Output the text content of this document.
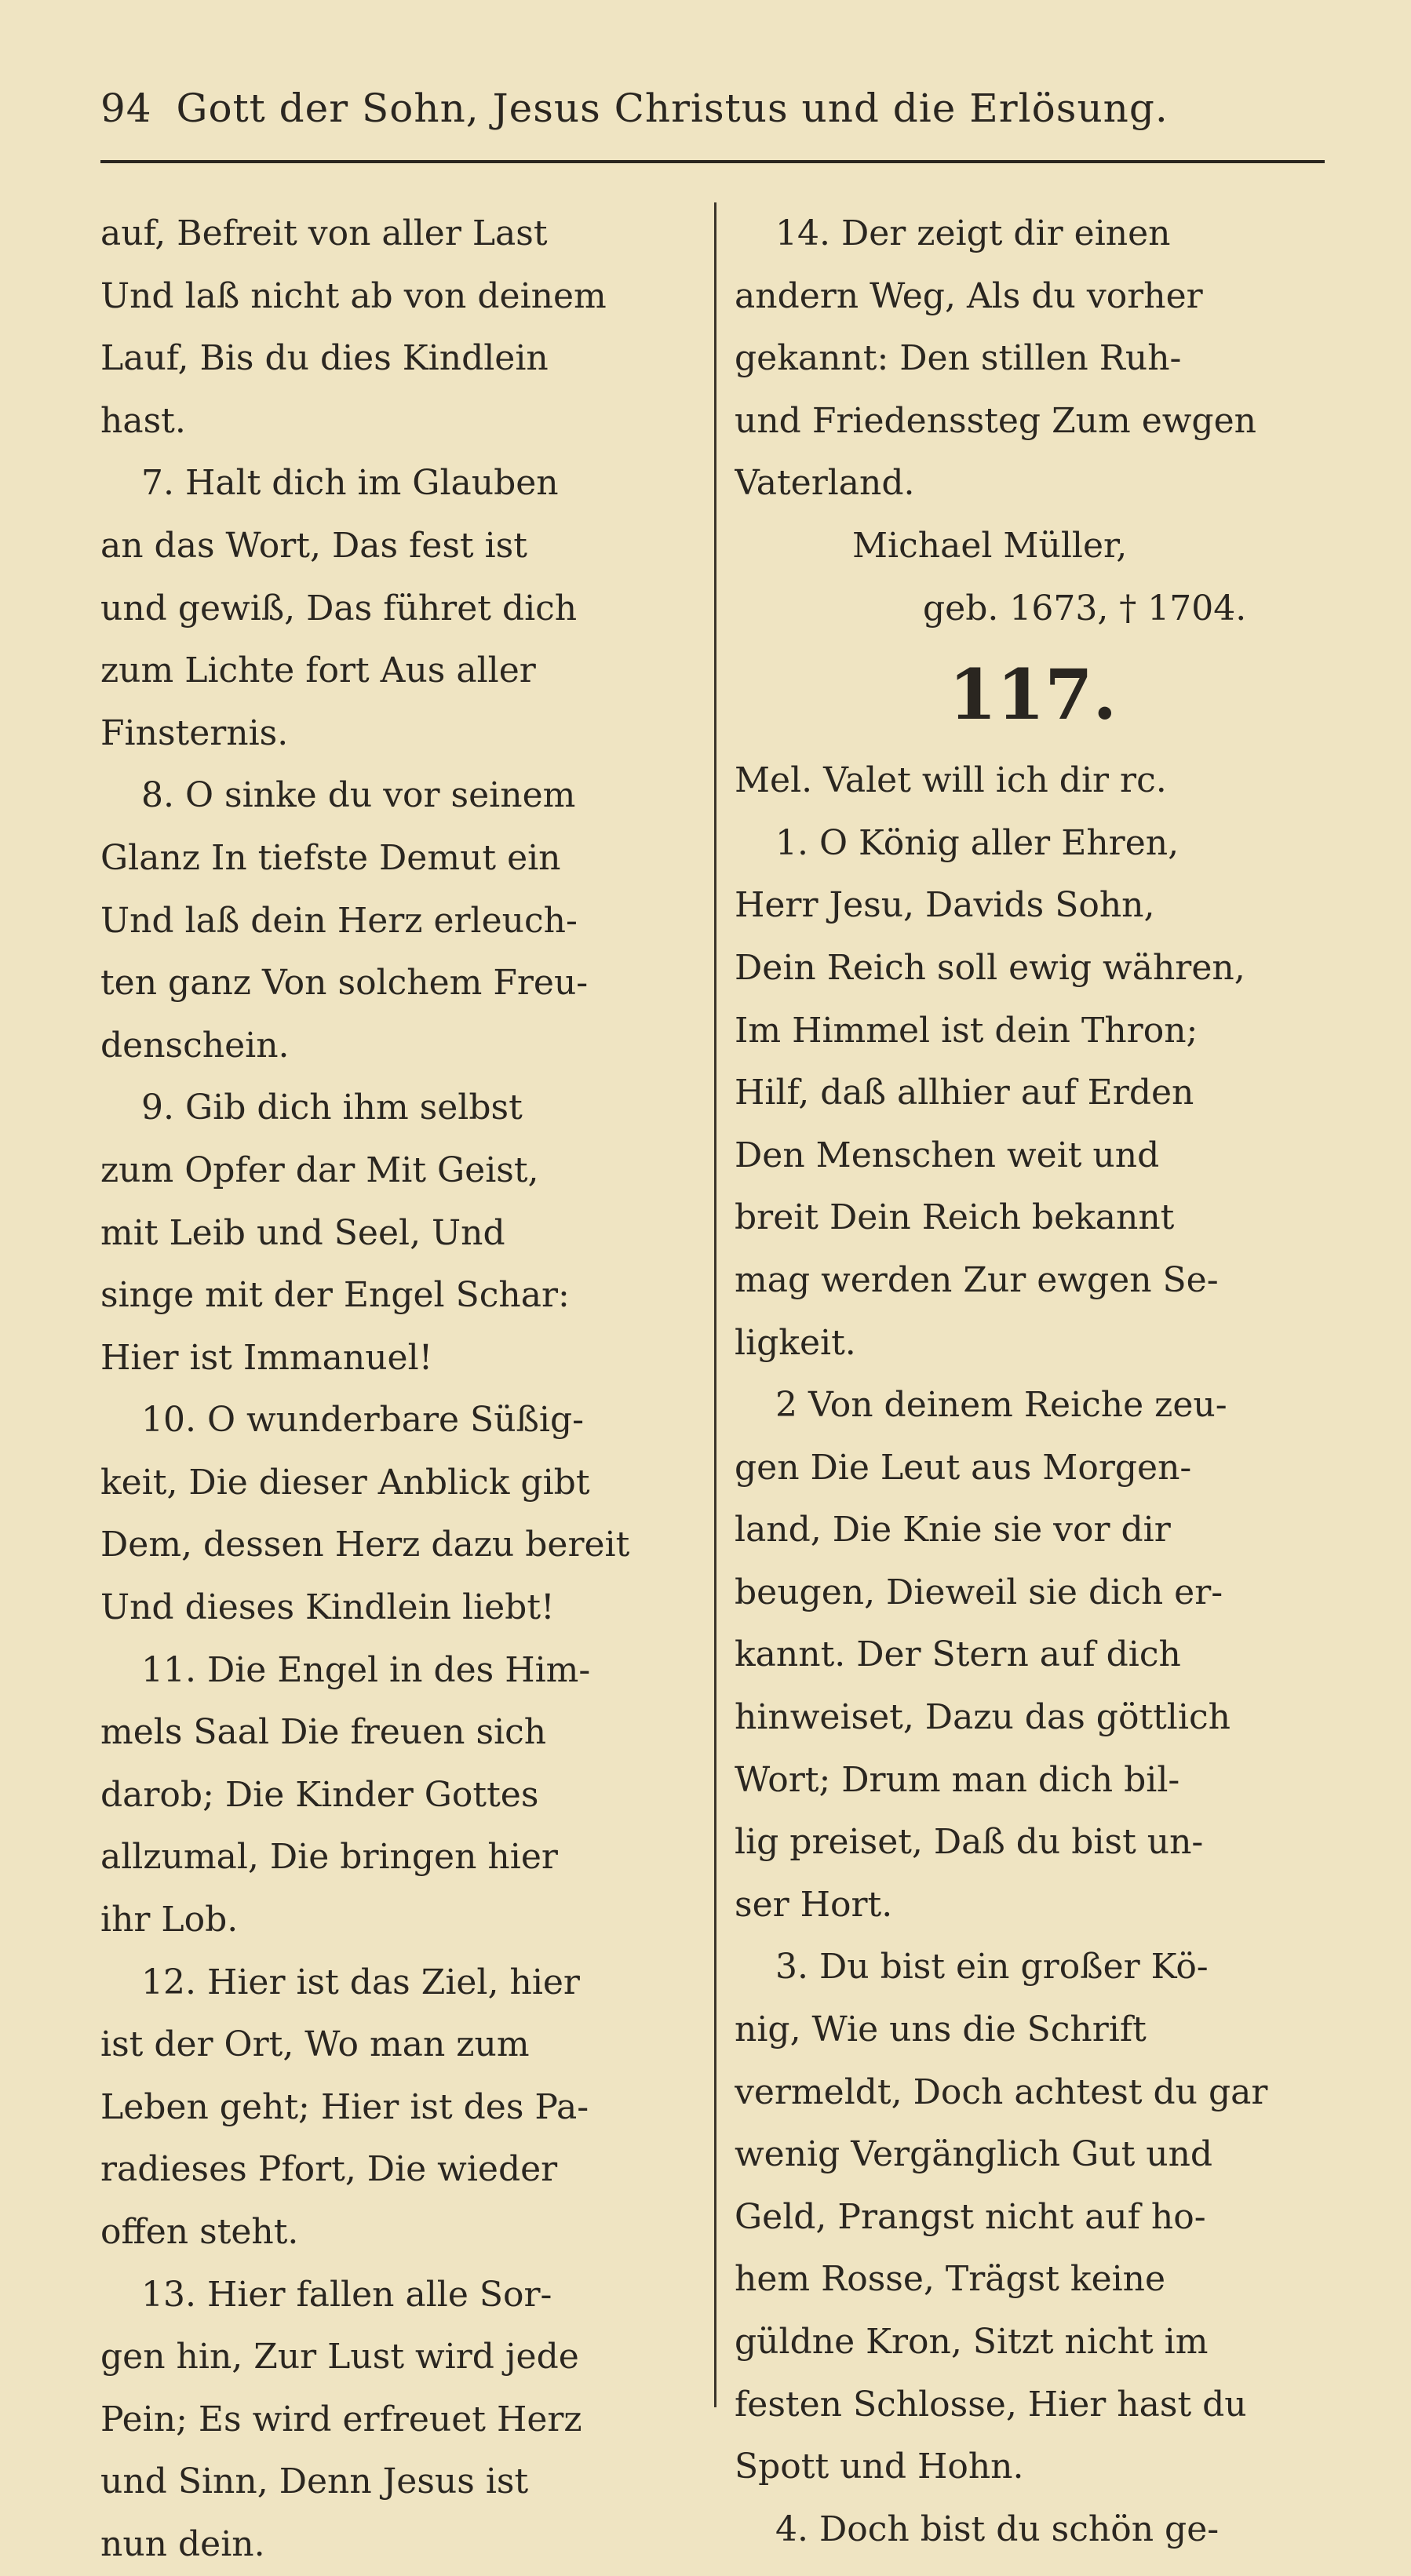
94 Gott der Sohn, Jesus Christus und die Erlösung.
auf, Befreit von aller Last
Und laß nicht ab von deinem
Lauf, Bis du dies Kindlein
hast.
7. Halt dich im Glauben
an das Wort, Das fest ist
und gewiß, Das führet dich
zum Lichte fort Aus aller
Finsternis.
8. O sinke du vor seinem
Glanz In tiefste Demut ein
Und laß dein Herz erleuch-
ten ganz Von solchem Freu-
denschein.
9. Gib dich ihm selbst
zum Opfer dar Mit Geist,
mit Leib und Seel, Und
singe mit der Engel Schar:
Hier ist Immanuel!
10. O wunderbare Süßig-
keit, Die dieser Anblick gibt
Dem, dessen Herz dazu bereit
Und dieses Kindlein liebt!
11. Die Engel in des Him-
mels Saal Die freuen sich
darob; Die Kinder Gottes
allzumal, Die bringen hier
ihr Lob.
12. Hier ist das Ziel, hier
ist der Ort, Wo man zum
Leben geht; Hier ist des Pa-
radieses Pfort, Die wieder
offen steht.
13. Hier fallen alle Sor-
gen hin, Zur Lust wird jede
Pein; Es wird erfreuet Herz
und Sinn, Denn Jesus ist
nun dein.
14. Der zeigt dir einen
andern Weg, Als du vorher
gekannt: Den stillen Ruh-
und Friedenssteg Zum ewgen
Vaterland.
Michael Müller,
geb. 1673, † 1704.
117.
Mel. Valet will ich dir rc.
1. O König aller Ehren,
Herr Jesu, Davids Sohn,
Dein Reich soll ewig währen,
Im Himmel ist dein Thron;
Hilf, daß allhier auf Erden
Den Menschen weit und
breit Dein Reich bekannt
mag werden Zur ewgen Se-
ligkeit.
2 Von deinem Reiche zeu-
gen Die Leut aus Morgen-
land, Die Knie sie vor dir
beugen, Dieweil sie dich er-
kannt. Der Stern auf dich
hinweiset, Dazu das göttlich
Wort; Drum man dich bil-
lig preiset, Daß du bist un-
ser Hort.
3. Du bist ein großer Kö-
nig, Wie uns die Schrift
vermeldt, Doch achtest du gar
wenig Vergänglich Gut und
Geld, Prangst nicht auf ho-
hem Rosse, Trägst keine
güldne Kron, Sitzt nicht im
festen Schlosse, Hier hast du
Spott und Hohn.
4. Doch bist du schön ge-
